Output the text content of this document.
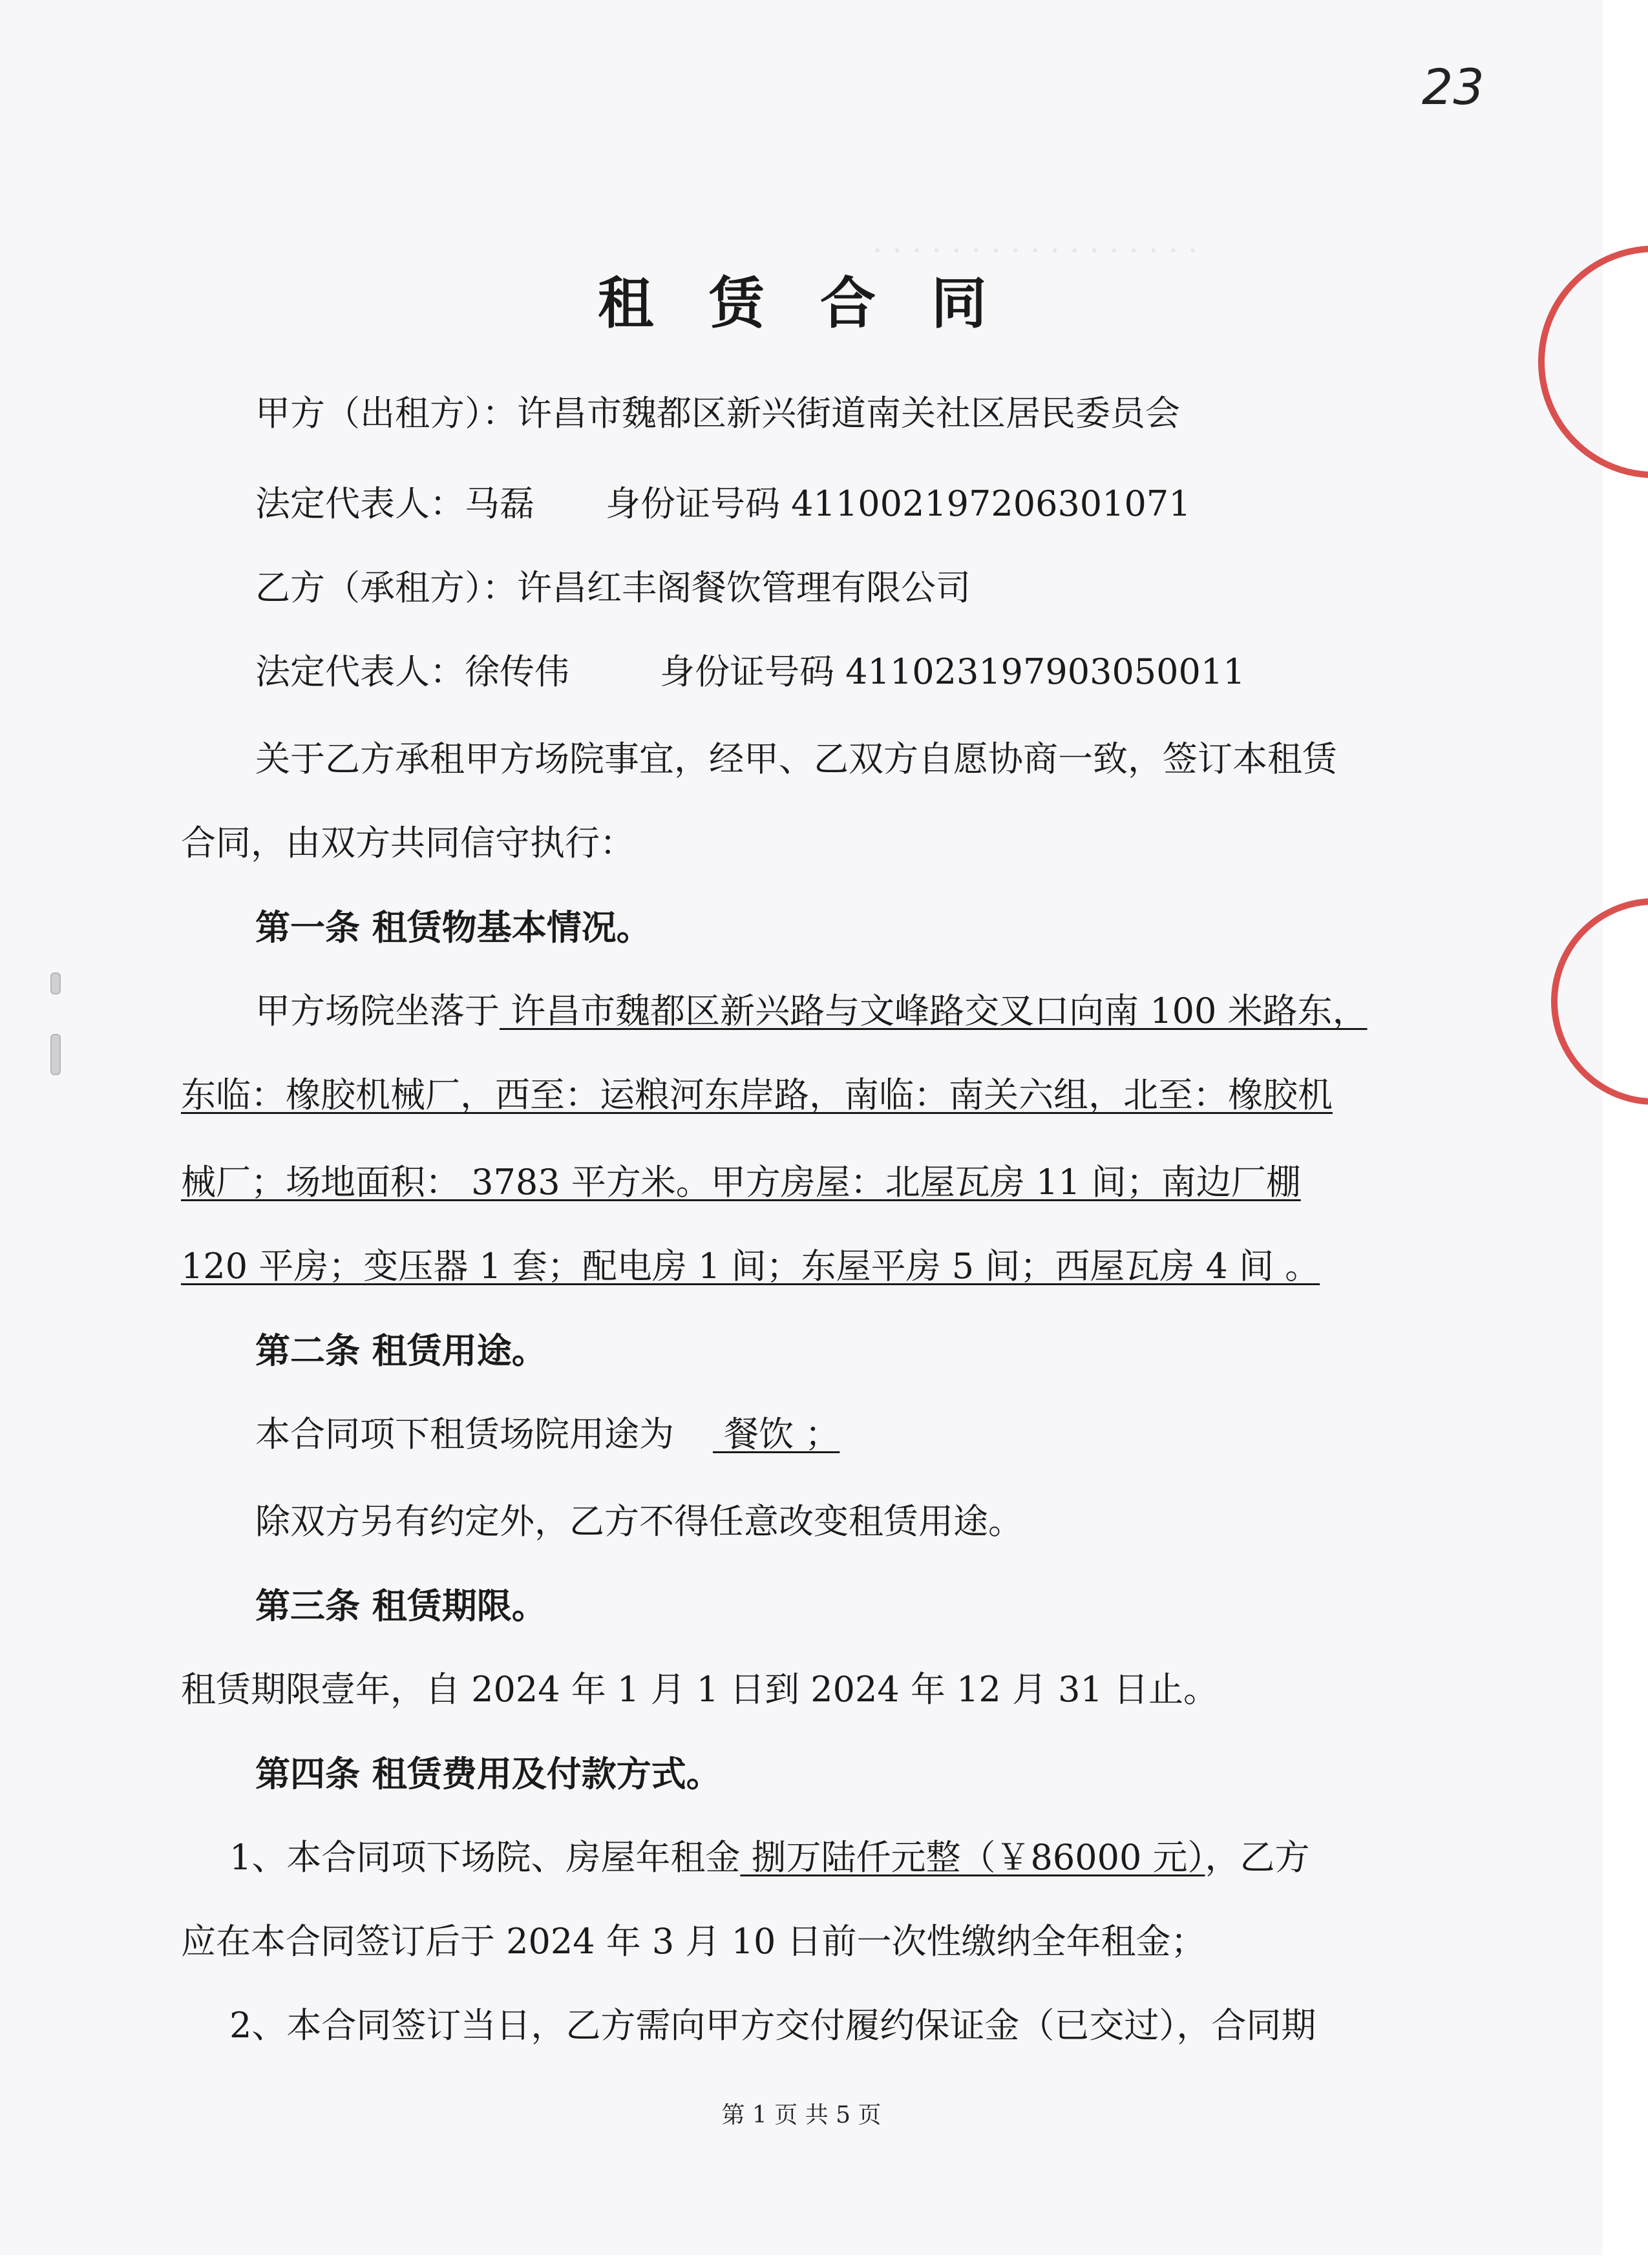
· · · · · · · · · · · · · · · · ·
23
租 赁 合 同
甲方（出租方）：许昌市魏都区新兴街道南关社区居民委员会
法定代表人：马磊 身份证号码 411002197206301071
乙方（承租方）：许昌红丰阁餐饮管理有限公司
法定代表人：徐传伟	身份证号码 411023197903050011
关于乙方承租甲方场院事宜，经甲、乙双方自愿协商一致，签订本租赁
合同，由双方共同信守执行：
第一条 租赁物基本情况。
甲方场院坐落于 许昌市魏都区新兴路与文峰路交叉口向南 100 米路东，
东临：橡胶机械厂，西至：运粮河东岸路，南临：南关六组，北至：橡胶机
械厂；场地面积： 3783 平方米。甲方房屋：北屋瓦房 11 间；南边厂棚
120 平房；变压器 1 套；配电房 1 间；东屋平房 5 间；西屋瓦房 4 间 。
第二条 租赁用途。
本合同项下租赁场院用途为 餐饮 ；
除双方另有约定外，乙方不得任意改变租赁用途。
第三条 租赁期限。
租赁期限壹年，自 2024 年 1 月 1 日到 2024 年 12 月 31 日止。
第四条 租赁费用及付款方式。
1、本合同项下场院、房屋年租金 捌万陆仟元整（￥86000 元），乙方
应在本合同签订后于 2024 年 3 月 10 日前一次性缴纳全年租金；
2、本合同签订当日，乙方需向甲方交付履约保证金（已交过），合同期
第 1 页 共 5 页
